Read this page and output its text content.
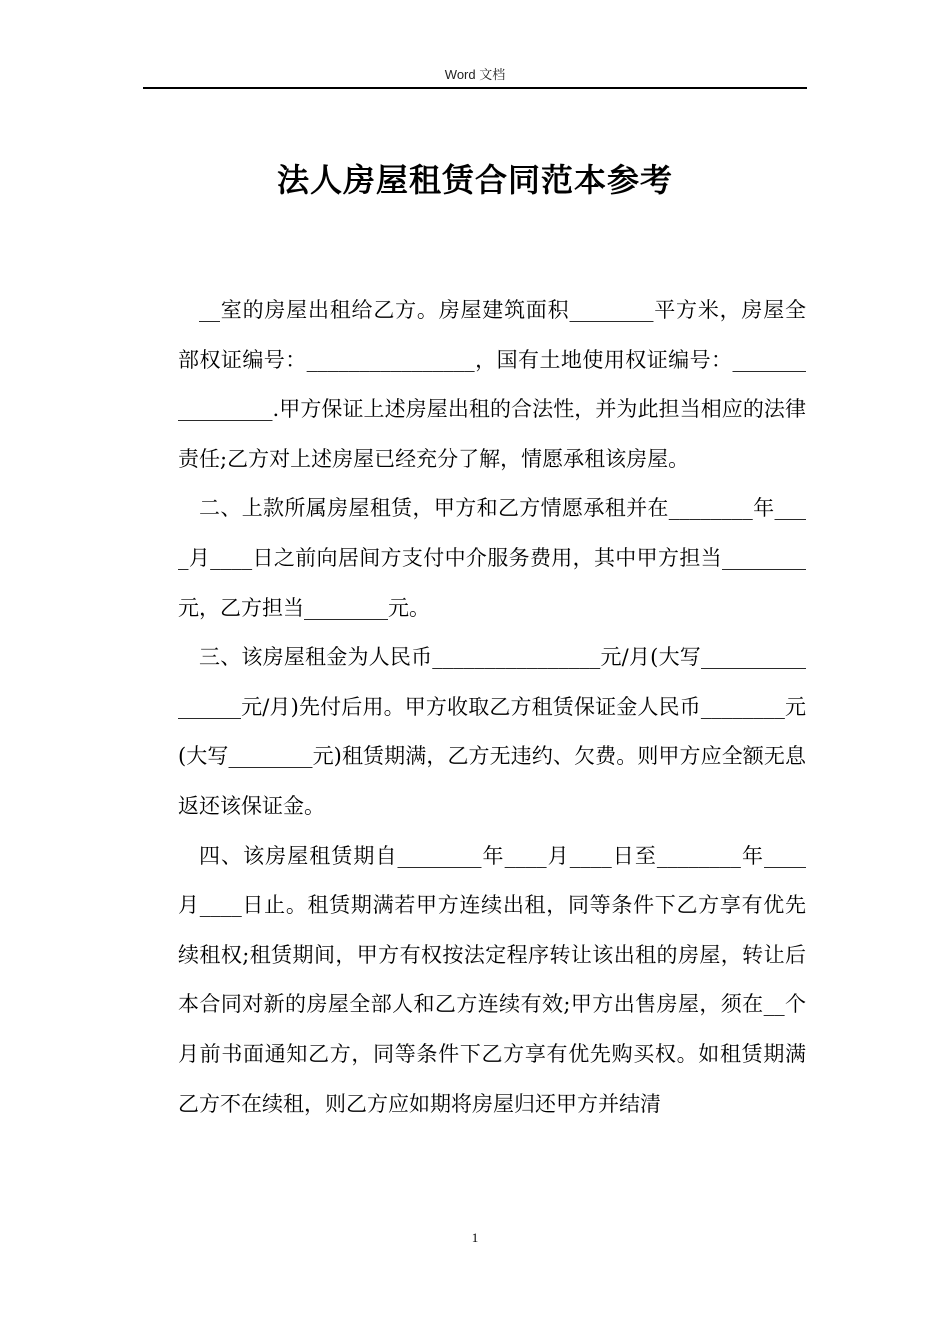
Word 文档
法人房屋租赁合同范本参考

__室的房屋出租给乙方。房屋建筑面积________平方米，房屋全部权证编号：________________，国有土地使用权证编号：________________.甲方保证上述房屋出租的合法性，并为此担当相应的法律责任;乙方对上述房屋已经充分了解，情愿承租该房屋。

二、上款所属房屋租赁，甲方和乙方情愿承租并在________年____月____日之前向居间方支付中介服务费用，其中甲方担当________元，乙方担当________元。

三、该房屋租金为人民币________________元/月(大写________________元/月)先付后用。甲方收取乙方租赁保证金人民币________元(大写________元)租赁期满，乙方无违约、欠费。则甲方应全额无息返还该保证金。

四、该房屋租赁期自________年____月____日至________年____月____日止。租赁期满若甲方连续出租，同等条件下乙方享有优先续租权;租赁期间，甲方有权按法定程序转让该出租的房屋，转让后本合同对新的房屋全部人和乙方连续有效;甲方出售房屋，须在__个月前书面通知乙方，同等条件下乙方享有优先购买权。如租赁期满乙方不在续租，则乙方应如期将房屋归还甲方并结清

1
